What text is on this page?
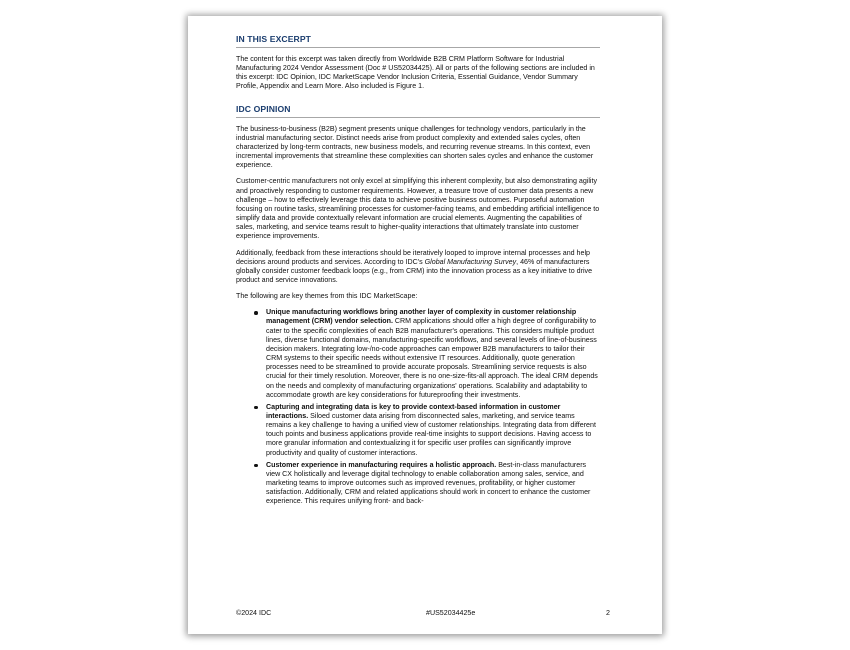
IN THIS EXCERPT

The content for this excerpt was taken directly from Worldwide B2B CRM Platform Software for Industrial Manufacturing 2024 Vendor Assessment (Doc # US52034425). All or parts of the following sections are included in this excerpt: IDC Opinion, IDC MarketScape Vendor Inclusion Criteria, Essential Guidance, Vendor Summary Profile, Appendix and Learn More. Also included is Figure 1.

IDC OPINION

The business-to-business (B2B) segment presents unique challenges for technology vendors, particularly in the industrial manufacturing sector. Distinct needs arise from product complexity and extended sales cycles, often characterized by long-term contracts, new business models, and recurring revenue streams. In this context, even incremental improvements that streamline these complexities can shorten sales cycles and enhance the customer experience.

Customer-centric manufacturers not only excel at simplifying this inherent complexity, but also demonstrating agility and proactively responding to customer requirements. However, a treasure trove of customer data presents a new challenge – how to effectively leverage this data to achieve positive business outcomes. Purposeful automation focusing on routine tasks, streamlining processes for customer-facing teams, and embedding artificial intelligence to simplify data and provide contextually relevant information are crucial elements. Augmenting the capabilities of sales, marketing, and service teams result to higher-quality interactions that ultimately translate into customer experience improvements.

Additionally, feedback from these interactions should be iteratively looped to improve internal processes and help decisions around products and services. According to IDC's Global Manufacturing Survey, 46% of manufacturers globally consider customer feedback loops (e.g., from CRM) into the innovation process as a key initiative to drive product and service innovations.

The following are key themes from this IDC MarketScape:

Unique manufacturing workflows bring another layer of complexity in customer relationship management (CRM) vendor selection. CRM applications should offer a high degree of configurability to cater to the specific complexities of each B2B manufacturer's operations. This considers multiple product lines, diverse functional domains, manufacturing-specific workflows, and several levels of line-of-business decision makers. Integrating low-/no-code approaches can empower B2B manufacturers to tailor their CRM systems to their specific needs without extensive IT resources. Additionally, quote generation processes need to be streamlined to provide accurate proposals. Streamlining service requests is also crucial for their timely resolution. Moreover, there is no one-size-fits-all approach. The ideal CRM depends on the needs and complexity of manufacturing organizations' operations. Scalability and adaptability to accommodate growth are key considerations for futureproofing their investments.
Capturing and integrating data is key to provide context-based information in customer interactions. Siloed customer data arising from disconnected sales, marketing, and service teams remains a key challenge to having a unified view of customer relationships. Integrating data from different touch points and business applications provide real-time insights to support decisions. Having access to more granular information and contextualizing it for specific user profiles can significantly improve productivity and quality of customer interactions.
Customer experience in manufacturing requires a holistic approach. Best-in-class manufacturers view CX holistically and leverage digital technology to enable collaboration among sales, service, and marketing teams to improve outcomes such as improved revenues, profitability, or higher customer satisfaction. Additionally, CRM and related applications should work in concert to enhance the customer experience. This requires unifying front- and back-
©2024 IDC	#US52034425e	2
